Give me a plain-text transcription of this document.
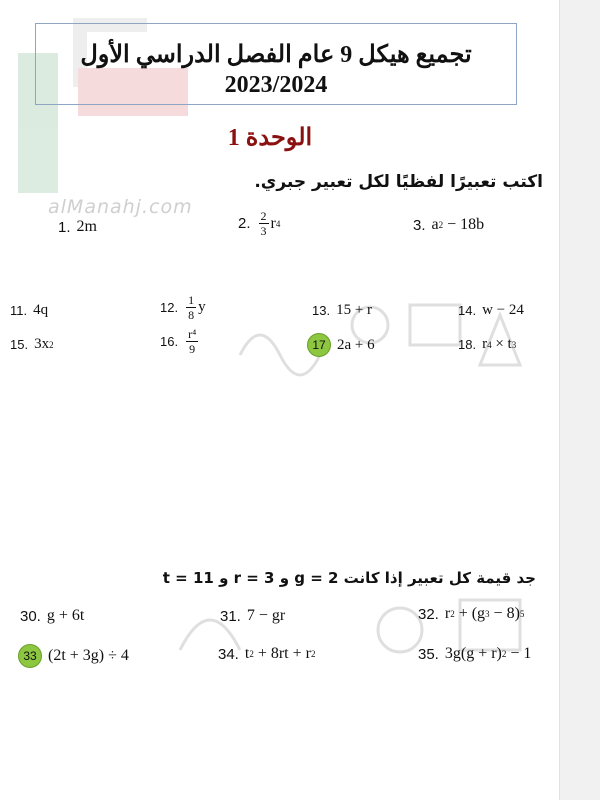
alManahj.com
تجميع هيكل 9 عام الفصل الدراسي الأول
2023/2024
الوحدة 1
اكتب تعبيرًا لفظيًا لكل تعبير جبري.
1. 2m	2. $\frac{2}{3}$ r 4	3. a 2 − 18b
11. 4q	12. $\frac{1}{8}$ y	13. 15 + r	14. w − 24
15. 3x 2	16. $\frac{\text{r⁴}}{9}$	17 2a + 6	18. r 4 × t 3
جد قيمة كل تعبير إذا كانت g = 2 و r = 3 و t = 11
30. g + 6t	31. 7 − gr	32. r 2 + (g 3 − 8) 5
33 (2t + 3g) ÷ 4	34. t 2 + 8rt + r 2	35. 3g(g + r) 2 − 1
